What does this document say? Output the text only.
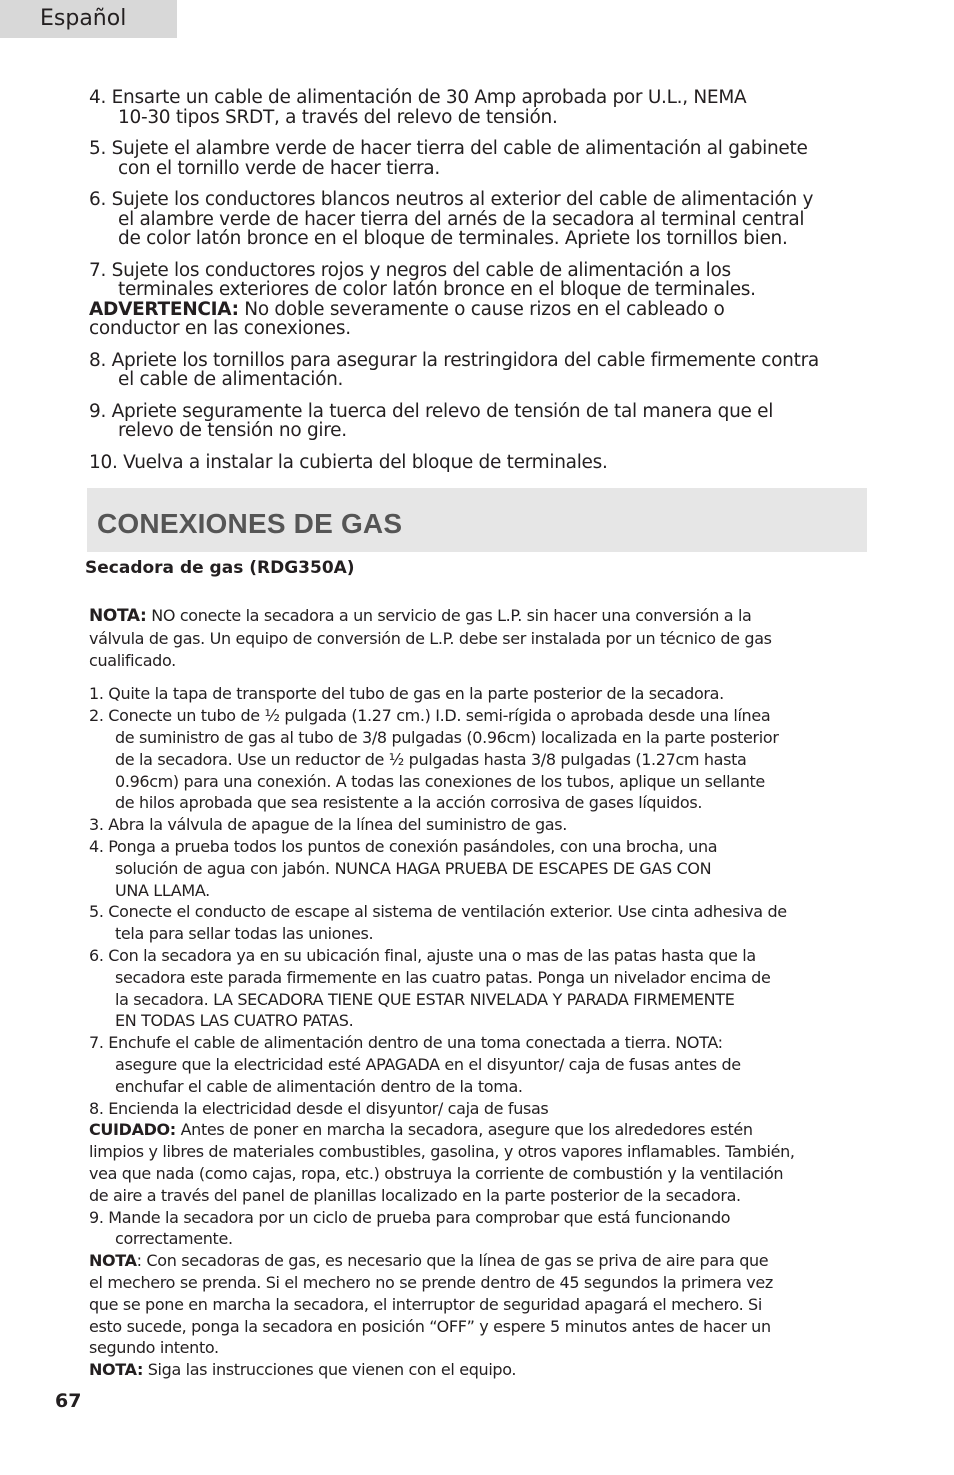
Español
4. Ensarte un cable de alimentación de 30 Amp aprobada por U.L., NEMA
10-30 tipos SRDT, a través del relevo de tensión.
5. Sujete el alambre verde de hacer tierra del cable de alimentación al gabinete
con el tornillo verde de hacer tierra.
6. Sujete los conductores blancos neutros al exterior del cable de alimentación y
el alambre verde de hacer tierra del arnés de la secadora al terminal central
de color latón bronce en el bloque de terminales. Apriete los tornillos bien.
7. Sujete los conductores rojos y negros del cable de alimentación a los
terminales exteriores de color latón bronce en el bloque de terminales.
ADVERTENCIA: No doble severamente o cause rizos en el cableado o
conductor en las conexiones.
8. Apriete los tornillos para asegurar la restringidora del cable firmemente contra
el cable de alimentación.
9. Apriete seguramente la tuerca del relevo de tensión de tal manera que el
relevo de tensión no gire.
10. Vuelva a instalar la cubierta del bloque de terminales.
CONEXIONES DE GAS
Secadora de gas (RDG350A)
NOTA: NO conecte la secadora a un servicio de gas L.P. sin hacer una conversión a la
válvula de gas. Un equipo de conversión de L.P. debe ser instalada por un técnico de gas
cualificado.
1. Quite la tapa de transporte del tubo de gas en la parte posterior de la secadora.
2. Conecte un tubo de ½ pulgada (1.27 cm.) I.D. semi-rígida o aprobada desde una línea
de suministro de gas al tubo de 3/8 pulgadas (0.96cm) localizada en la parte posterior
de la secadora. Use un reductor de ½ pulgadas hasta 3/8 pulgadas (1.27cm hasta
0.96cm) para una conexión. A todas las conexiones de los tubos, aplique un sellante
de hilos aprobada que sea resistente a la acción corrosiva de gases líquidos.
3. Abra la válvula de apague de la línea del suministro de gas.
4. Ponga a prueba todos los puntos de conexión pasándoles, con una brocha, una
solución de agua con jabón. NUNCA HAGA PRUEBA DE ESCAPES DE GAS CON
UNA LLAMA.
5. Conecte el conducto de escape al sistema de ventilación exterior. Use cinta adhesiva de
tela para sellar todas las uniones.
6. Con la secadora ya en su ubicación final, ajuste una o mas de las patas hasta que la
secadora este parada firmemente en las cuatro patas. Ponga un nivelador encima de
la secadora. LA SECADORA TIENE QUE ESTAR NIVELADA Y PARADA FIRMEMENTE
EN TODAS LAS CUATRO PATAS.
7. Enchufe el cable de alimentación dentro de una toma conectada a tierra. NOTA:
asegure que la electricidad esté APAGADA en el disyuntor/ caja de fusas antes de
enchufar el cable de alimentación dentro de la toma.
8. Encienda la electricidad desde el disyuntor/ caja de fusas
CUIDADO: Antes de poner en marcha la secadora, asegure que los alrededores estén
limpios y libres de materiales combustibles, gasolina, y otros vapores inflamables. También,
vea que nada (como cajas, ropa, etc.) obstruya la corriente de combustión y la ventilación
de aire a través del panel de planillas localizado en la parte posterior de la secadora.
9. Mande la secadora por un ciclo de prueba para comprobar que está funcionando
correctamente.
NOTA: Con secadoras de gas, es necesario que la línea de gas se priva de aire para que
el mechero se prenda. Si el mechero no se prende dentro de 45 segundos la primera vez
que se pone en marcha la secadora, el interruptor de seguridad apagará el mechero. Si
esto sucede, ponga la secadora en posición “OFF” y espere 5 minutos antes de hacer un
segundo intento.
NOTA: Siga las instrucciones que vienen con el equipo.
67
